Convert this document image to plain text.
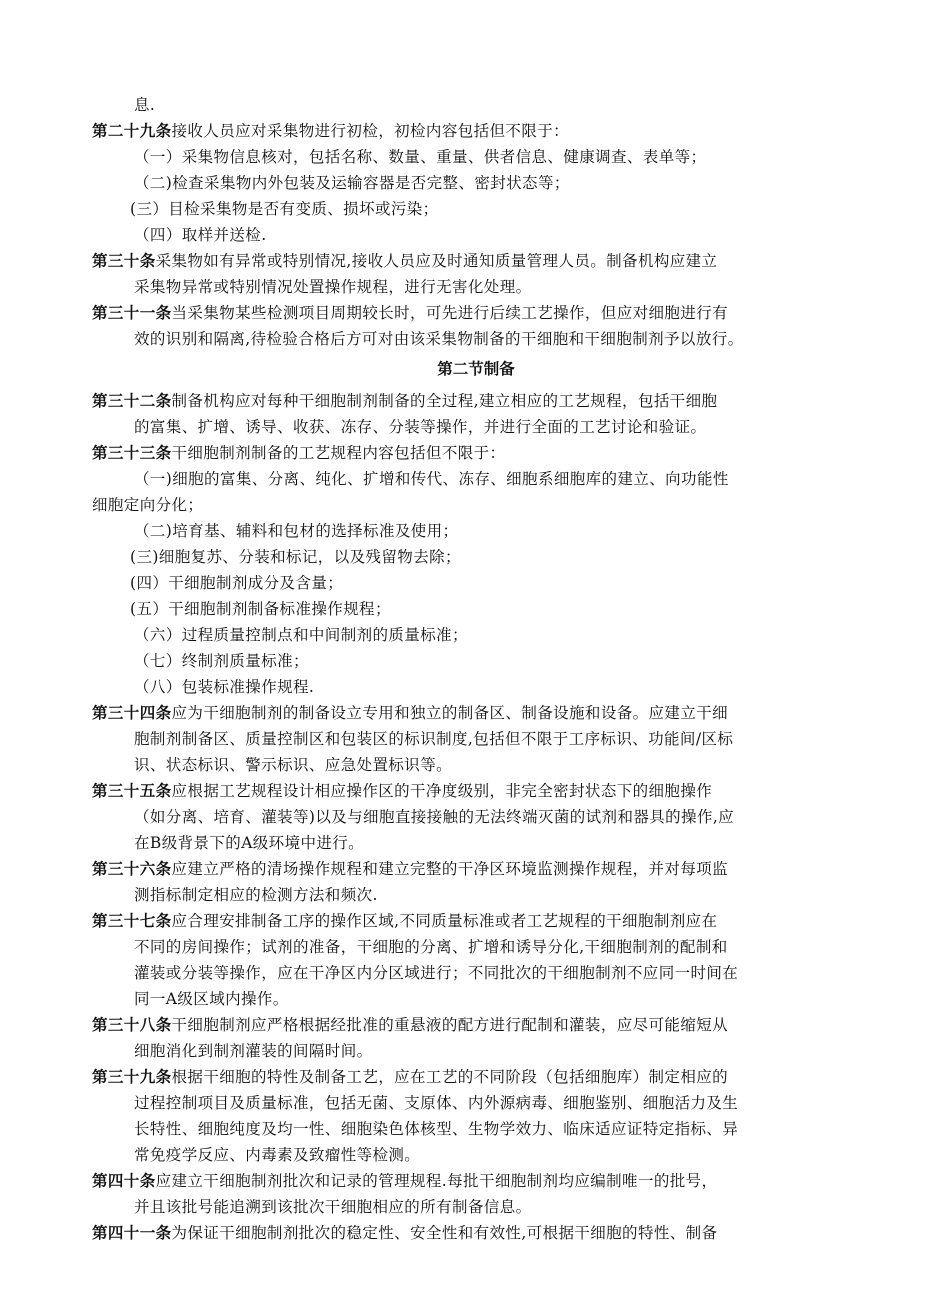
息.
第二十九条接收人员应对采集物进行初检，初检内容包括但不限于：
（一）采集物信息核对，包括名称、数量、重量、供者信息、健康调查、表单等；
（二)检查采集物内外包装及运输容器是否完整、密封状态等；
(三）目检采集物是否有变质、损坏或污染；
（四）取样并送检.
第三十条采集物如有异常或特别情况,接收人员应及时通知质量管理人员。制备机构应建立
采集物异常或特别情况处置操作规程，进行无害化处理。
第三十一条当采集物某些检测项目周期较长时，可先进行后续工艺操作，但应对细胞进行有
效的识别和隔离,待检验合格后方可对由该采集物制备的干细胞和干细胞制剂予以放行。
第二节制备
第三十二条制备机构应对每种干细胞制剂制备的全过程,建立相应的工艺规程，包括干细胞
的富集、扩增、诱导、收获、冻存、分装等操作，并进行全面的工艺讨论和验证。
第三十三条干细胞制剂制备的工艺规程内容包括但不限于：
（一)细胞的富集、分离、纯化、扩增和传代、冻存、细胞系细胞库的建立、向功能性
细胞定向分化；
（二)培育基、辅料和包材的选择标准及使用；
(三)细胞复苏、分装和标记，以及残留物去除；
(四）干细胞制剂成分及含量；
(五）干细胞制剂制备标准操作规程；
（六）过程质量控制点和中间制剂的质量标准；
（七）终制剂质量标准；
（八）包装标准操作规程.
第三十四条应为干细胞制剂的制备设立专用和独立的制备区、制备设施和设备。应建立干细
胞制剂制备区、质量控制区和包装区的标识制度,包括但不限于工序标识、功能间/区标
识、状态标识、警示标识、应急处置标识等。
第三十五条应根据工艺规程设计相应操作区的干净度级别，非完全密封状态下的细胞操作
（如分离、培育、灌装等)以及与细胞直接接触的无法终端灭菌的试剂和器具的操作,应
在B级背景下的A级环境中进行。
第三十六条应建立严格的清场操作规程和建立完整的干净区环境监测操作规程，并对每项监
测指标制定相应的检测方法和频次.
第三十七条应合理安排制备工序的操作区域,不同质量标准或者工艺规程的干细胞制剂应在
不同的房间操作；试剂的准备，干细胞的分离、扩增和诱导分化,干细胞制剂的配制和
灌装或分装等操作，应在干净区内分区域进行；不同批次的干细胞制剂不应同一时间在
同一A级区域内操作。
第三十八条干细胞制剂应严格根据经批准的重悬液的配方进行配制和灌装，应尽可能缩短从
细胞消化到制剂灌装的间隔时间。
第三十九条根据干细胞的特性及制备工艺，应在工艺的不同阶段（包括细胞库）制定相应的
过程控制项目及质量标准，包括无菌、支原体、内外源病毒、细胞鉴别、细胞活力及生
长特性、细胞纯度及均一性、细胞染色体核型、生物学效力、临床适应证特定指标、异
常免疫学反应、内毒素及致瘤性等检测。
第四十条应建立干细胞制剂批次和记录的管理规程.每批干细胞制剂均应编制唯一的批号，
并且该批号能追溯到该批次干细胞相应的所有制备信息。
第四十一条为保证干细胞制剂批次的稳定性、安全性和有效性,可根据干细胞的特性、制备
